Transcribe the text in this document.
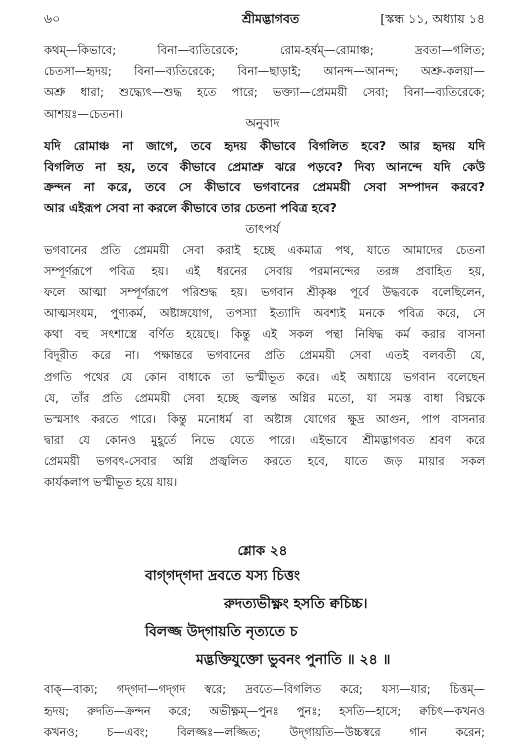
৬০	শ্রীমদ্ভাগবত	[স্কন্ধ ১১, অধ্যায় ১৪
কথম্—কিভাবে; বিনা—ব্যতিরেকে; রোম-হর্ষম্—রোমাঞ্চ; দ্রবতা—গলিত;
চেতসা—হৃদয়; বিনা—ব্যতিরেকে; বিনা—ছাড়াই; আনন্দ—আনন্দ; অশ্রু-কলয়া—
অশ্রু ধারা; শুদ্ধ্যেৎ—শুদ্ধ হতে পারে; ভক্ত্যা—প্রেমময়ী সেবা; বিনা—ব্যতিরেকে;
আশয়ঃ—চেতনা।
অনুবাদ
যদি রোমাঞ্চ না জাগে, তবে হৃদয় কীভাবে বিগলিত হবে? আর হৃদয় যদি
বিগলিত না হয়, তবে কীভাবে প্রেমাশ্রু ঝরে পড়বে? দিব্য আনন্দে যদি কেউ
ক্রন্দন না করে, তবে সে কীভাবে ভগবানের প্রেমময়ী সেবা সম্পাদন করবে?
আর এইরূপ সেবা না করলে কীভাবে তার চেতনা পবিত্র হবে?
তাৎপর্য
ভগবানের প্রতি প্রেমময়ী সেবা করাই হচ্ছে একমাত্র পথ, যাতে আমাদের চেতনা
সম্পূর্ণরূপে পবিত্র হয়। এই ধরনের সেবায় পরমানন্দের তরঙ্গ প্রবাহিত হয়,
ফলে আত্মা সম্পূর্ণরূপে পরিশুদ্ধ হয়। ভগবান শ্রীকৃষ্ণ পূর্বে উদ্ধবকে বলেছিলেন,
আত্মসংযম, পুণ্যকর্ম, অষ্টাঙ্গযোগ, তপস্যা ইত্যাদি অবশ্যই মনকে পবিত্র করে, সে
কথা বহু সৎশাস্ত্রে বর্ণিত হয়েছে। কিন্তু এই সকল পন্থা নিষিদ্ধ কর্ম করার বাসনা
বিদূরীত করে না। পক্ষান্তরে ভগবানের প্রতি প্রেমময়ী সেবা এতই বলবতী যে,
প্রগতি পথের যে কোন বাধাকে তা ভস্মীভূত করে। এই অধ্যায়ে ভগবান বলেছেন
যে, তাঁর প্রতি প্রেমময়ী সেবা হচ্ছে জ্বলন্ত অগ্নির মতো, যা সমস্ত বাধা বিঘ্নকে
ভস্মসাৎ করতে পারে। কিন্তু মনোধর্ম বা অষ্টাঙ্গ যোগের ক্ষুদ্র আগুন, পাপ বাসনার
দ্বারা যে কোনও মুহূর্তে নিভে যেতে পারে। এইভাবে শ্রীমদ্ভাগবত শ্রবণ করে
প্রেমময়ী ভগবৎ-সেবার অগ্নি প্রজ্বলিত করতে হবে, যাতে জড় মায়ার সকল
কার্যকলাপ ভস্মীভূত হয়ে যায়।
শ্লোক ২৪
বাগ্‌গদ্‌গদা দ্রবতে যস্য চিত্তং
রুদত্যভীক্ষ্ণং হসতি ক্বচিচ্চ।
বিলজ্জ উদ্‌গায়তি নৃত্যতে চ
মদ্ভক্তিযুক্তো ভুবনং পুনাতি ॥ ২৪ ॥
বাক্—বাক্য; গদ্‌গদা—গদ্‌গদ স্বরে; দ্রবতে—বিগলিত করে; যস্য—যার; চিত্তম্—
হৃদয়; রুদতি—ক্রন্দন করে; অভীক্ষ্ণম্—পুনঃ পুনঃ; হসতি—হাসে; ক্বচিৎ—কখনও
কখনও; চ—এবং; বিলজ্জঃ—লজ্জিত; উদ্‌গায়তি—উচ্চস্বরে গান করেন;
